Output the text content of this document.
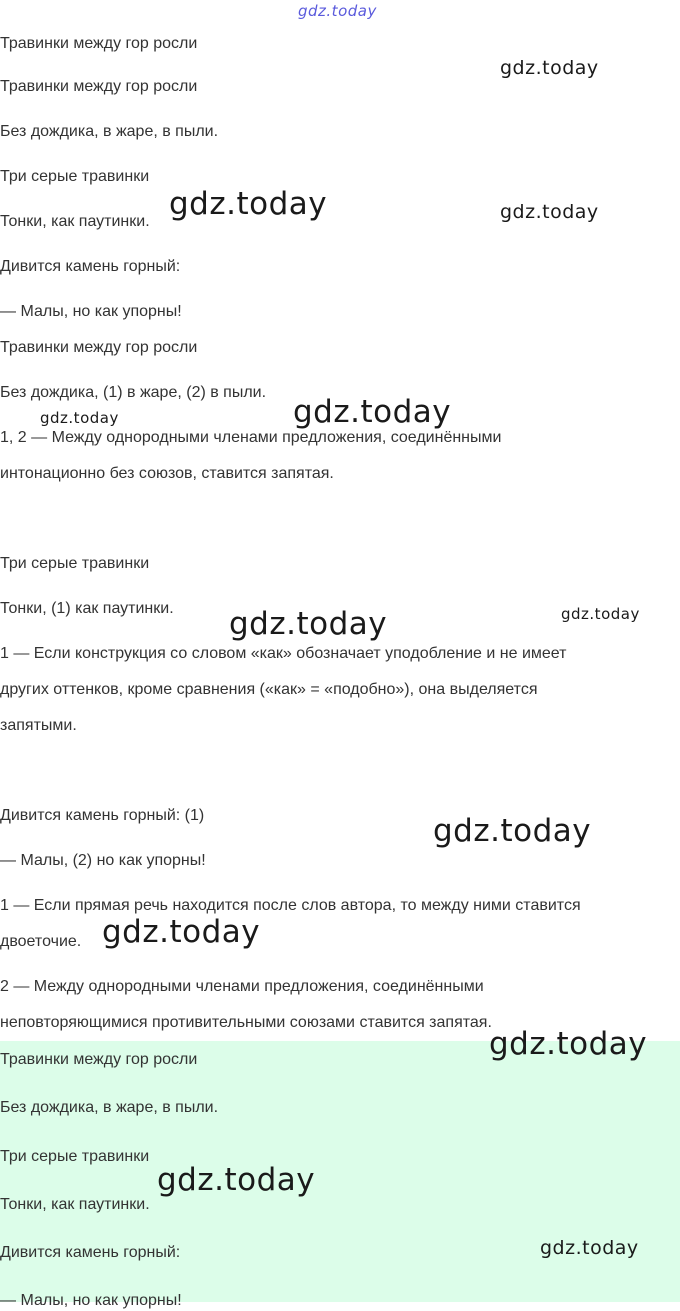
gdz.today
Травинки между гор росли
Травинки между гор росли
Без дождика, в жаре, в пыли.
Три серые травинки
Тонки, как паутинки.
Дивится камень горный:
— Малы, но как упорны!
Травинки между гор росли
Без дождика, (1) в жаре, (2) в пыли.
1, 2 — Между однородными членами предложения, соединёнными
интонационно без союзов, ставится запятая.
Три серые травинки
Тонки, (1) как паутинки.
1 — Если конструкция со словом «как» обозначает уподобление и не имеет
других оттенков, кроме сравнения («как» = «подобно»), она выделяется
запятыми.
Дивится камень горный: (1)
— Малы, (2) но как упорны!
1 — Если прямая речь находится после слов автора, то между ними ставится
двоеточие.
2 — Между однородными членами предложения, соединёнными
неповторяющимися противительными союзами ставится запятая.
Травинки между гор росли
Без дождика, в жаре, в пыли.
Три серые травинки
Тонки, как паутинки.
Дивится камень горный:
— Малы, но как упорны!
gdz.today
gdz.today	gdz.today
gdz.today	gdz.today
gdz.today
gdz.today
gdz.today
gdz.today
gdz.today
gdz.today
gdz.today
